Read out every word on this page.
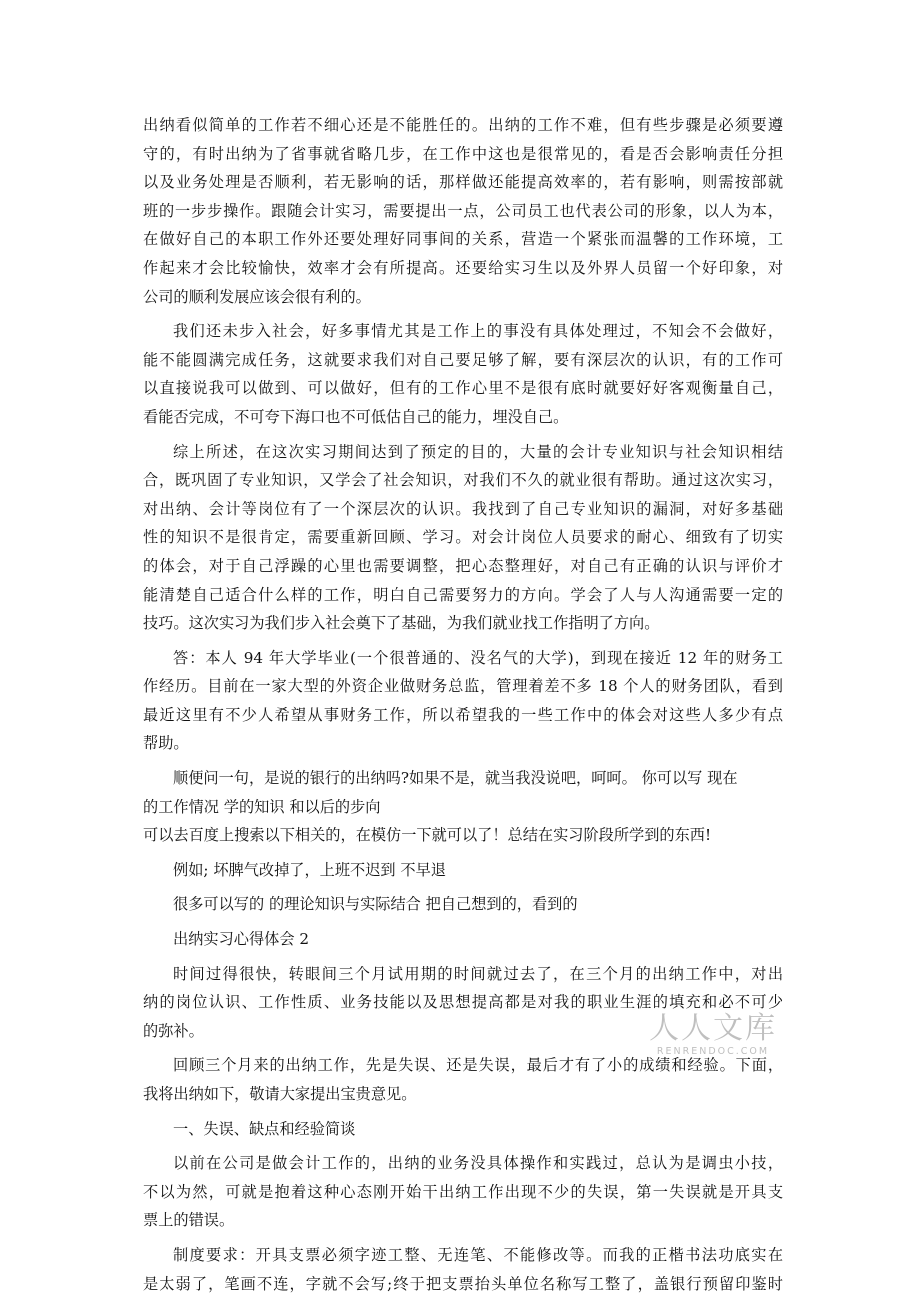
出纳看似简单的工作若不细心还是不能胜任的。出纳的工作不难，但有些步骤是必须要遵
守的，有时出纳为了省事就省略几步，在工作中这也是很常见的，看是否会影响责任分担
以及业务处理是否顺利，若无影响的话，那样做还能提高效率的，若有影响，则需按部就
班的一步步操作。跟随会计实习，需要提出一点，公司员工也代表公司的形象，以人为本，
在做好自己的本职工作外还要处理好同事间的关系，营造一个紧张而温馨的工作环境，工
作起来才会比较愉快，效率才会有所提高。还要给实习生以及外界人员留一个好印象，对
公司的顺利发展应该会很有利的。
我们还未步入社会，好多事情尤其是工作上的事没有具体处理过，不知会不会做好，
能不能圆满完成任务，这就要求我们对自己要足够了解，要有深层次的认识，有的工作可
以直接说我可以做到、可以做好，但有的工作心里不是很有底时就要好好客观衡量自己，
看能否完成，不可夸下海口也不可低估自己的能力，埋没自己。
综上所述，在这次实习期间达到了预定的目的，大量的会计专业知识与社会知识相结
合，既巩固了专业知识，又学会了社会知识，对我们不久的就业很有帮助。通过这次实习，
对出纳、会计等岗位有了一个深层次的认识。我找到了自己专业知识的漏洞，对好多基础
性的知识不是很肯定，需要重新回顾、学习。对会计岗位人员要求的耐心、细致有了切实
的体会，对于自己浮躁的心里也需要调整，把心态整理好，对自己有正确的认识与评价才
能清楚自己适合什么样的工作，明白自己需要努力的方向。学会了人与人沟通需要一定的
技巧。这次实习为我们步入社会奠下了基础，为我们就业找工作指明了方向。
答：本人 94 年大学毕业(一个很普通的、没名气的大学)，到现在接近 12 年的财务工
作经历。目前在一家大型的外资企业做财务总监，管理着差不多 18 个人的财务团队，看到
最近这里有不少人希望从事财务工作，所以希望我的一些工作中的体会对这些人多少有点
帮助。
顺便问一句，是说的银行的出纳吗?如果不是，就当我没说吧，呵呵。 你可以写 现在
的工作情况 学的知识 和以后的步向
可以去百度上搜索以下相关的，在模仿一下就可以了！总结在实习阶段所学到的东西!
例如; 坏脾气改掉了，上班不迟到 不早退
很多可以写的 的理论知识与实际结合 把自己想到的，看到的
出纳实习心得体会 2
时间过得很快，转眼间三个月试用期的时间就过去了，在三个月的出纳工作中，对出
纳的岗位认识、工作性质、业务技能以及思想提高都是对我的职业生涯的填充和必不可少
的弥补。
回顾三个月来的出纳工作，先是失误、还是失误，最后才有了小的成绩和经验。下面，
我将出纳如下，敬请大家提出宝贵意见。
一、失误、缺点和经验简谈
以前在公司是做会计工作的，出纳的业务没具体操作和实践过，总认为是调虫小技，
不以为然，可就是抱着这种心态刚开始干出纳工作出现不少的失误，第一失误就是开具支
票上的错误。
制度要求：开具支票必须字迹工整、无连笔、不能修改等。而我的正楷书法功底实在
是太弱了，笔画不连，字就不会写;终于把支票抬头单位名称写工整了，盖银行预留印鉴时
人人文库
RENRENDOC.COM
